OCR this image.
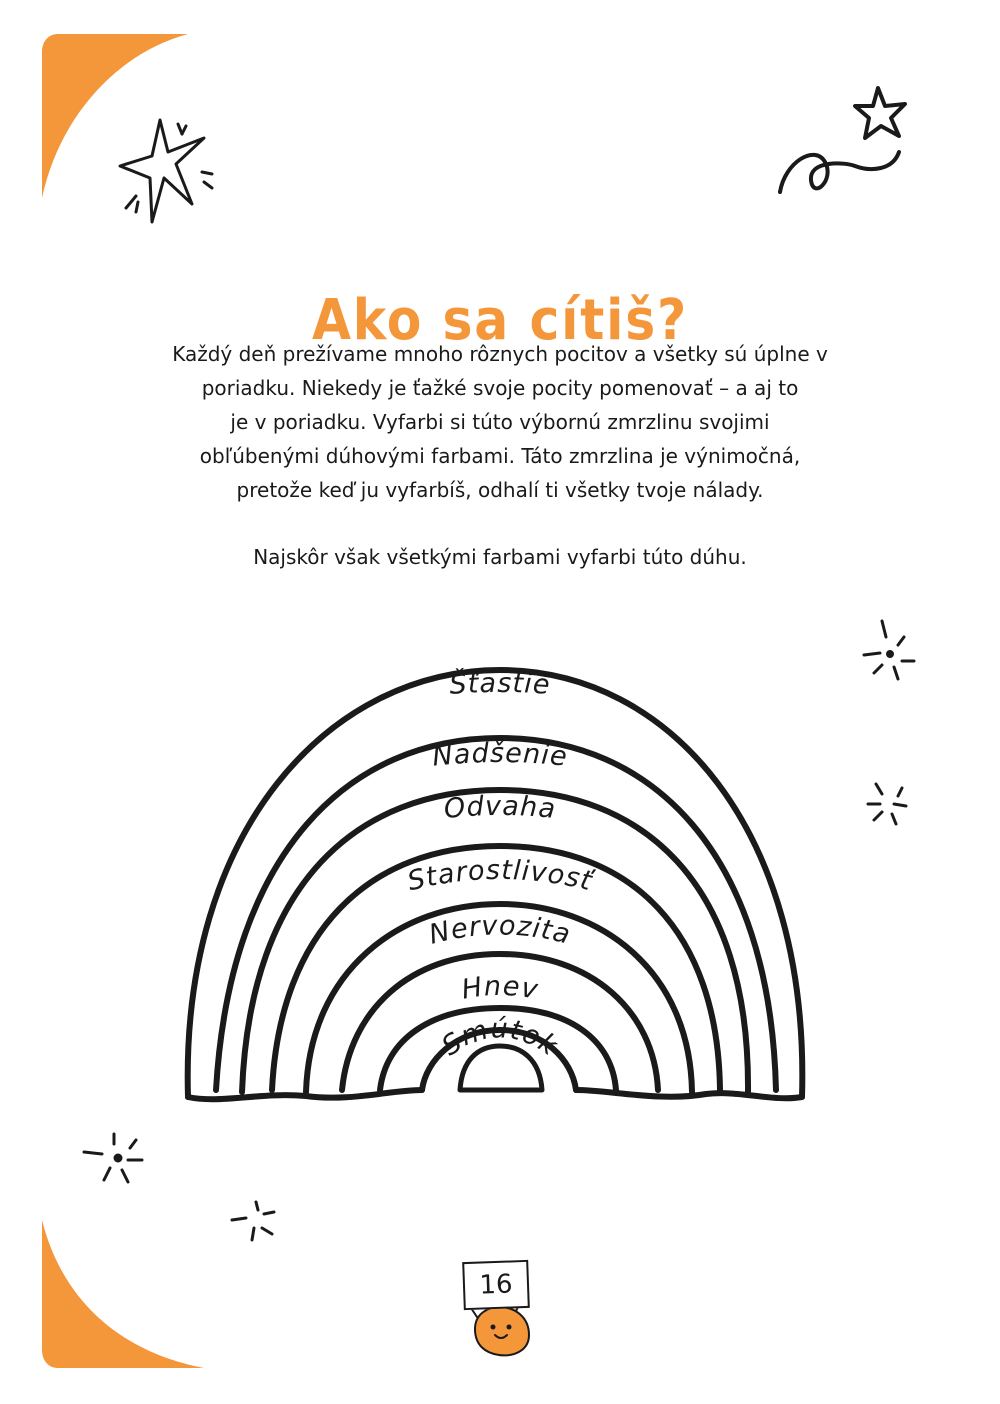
Ako sa cítiš?
Každý deň prežívame mnoho rôznych pocitov a všetky sú úplne v
poriadku. Niekedy je ťažké svoje pocity pomenovať – a aj to
je v poriadku. Vyfarbi si túto výbornú zmrzlinu svojimi
obľúbenými dúhovými farbami. Táto zmrzlina je výnimočná,
pretože keď ju vyfarbíš, odhalí ti všetky tvoje nálady.
Najskôr však všetkými farbami vyfarbi túto dúhu.
Šťastie
Nadšenie
Odvaha
Starostlivosť
Nervozita
Hnev
Smútok
16
